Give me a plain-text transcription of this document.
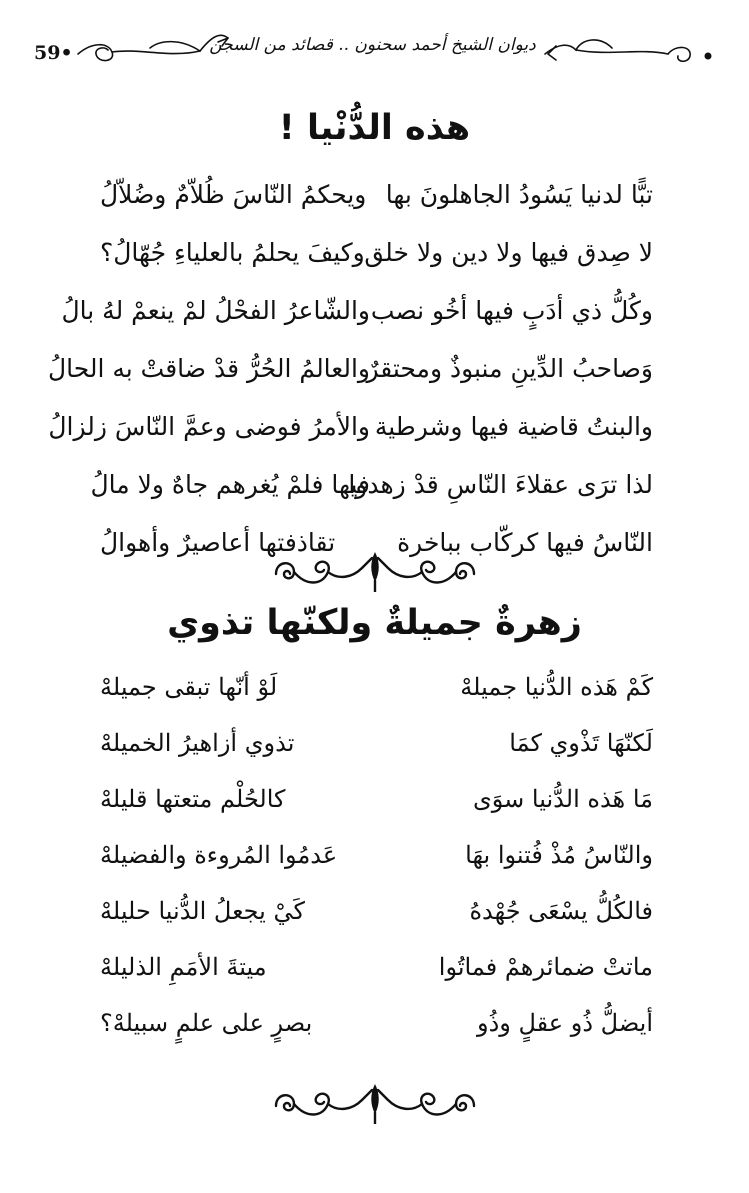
59•	ديوان الشيخ أحمد سحنون .. قصائد من السجن
هذه الدُّنْيا !
تبًّا لدنيا يَسُودُ الجاهلونَ بها
ويحكمُ النّاسَ ظُلاّمٌ وضُلاّلُ
لا صِدق فيها ولا دين ولا خلق
وكيفَ يحلمُ بالعلياءِ جُهّالُ؟
وكُلُّ ذي أدَبٍ فيها أخُو نصب
والشّاعرُ الفحْلُ لمْ ينعمْ لهُ بالُ
وَصاحبُ الدِّينِ منبوذٌ ومحتقرٌ
والعالمُ الحُرُّ قدْ ضاقتْ به الحالُ
والبنتُ قاضية فيها وشرطية
والأمرُ فوضى وعمَّ النّاسَ زلزالُ
لذا ترَى عقلاءَ النّاسِ قدْ زهدوا
فيها فلمْ يُغرهم جاهٌ ولا مالُ
النّاسُ فيها كركّاب بباخرة
تقاذفتها أعاصيرٌ وأهوالُ
زهرةٌ جميلةٌ ولكنّها تذوي
كَمْ هَذه الدُّنيا جميلهْ
لَوْ أنّها تبقى جميلهْ
لَكنّهَا تَذْوي كمَا
تذوي أزاهيرُ الخميلهْ
مَا هَذه الدُّنيا سوَى
كالحُلْم متعتها قليلهْ
والنّاسُ مُذْ فُتنوا بهَا
عَدمُوا المُروءة والفضيلهْ
فالكُلُّ يسْعَى جُهْدهُ
كَيْ يجعلُ الدُّنيا حليلهْ
ماتتْ ضمائرهمْ فماتُوا
ميتةَ الأمَمِ الذليلهْ
أيضلُّ ذُو عقلٍ وذُو
بصرٍ على علمٍ سبيلهْ؟
